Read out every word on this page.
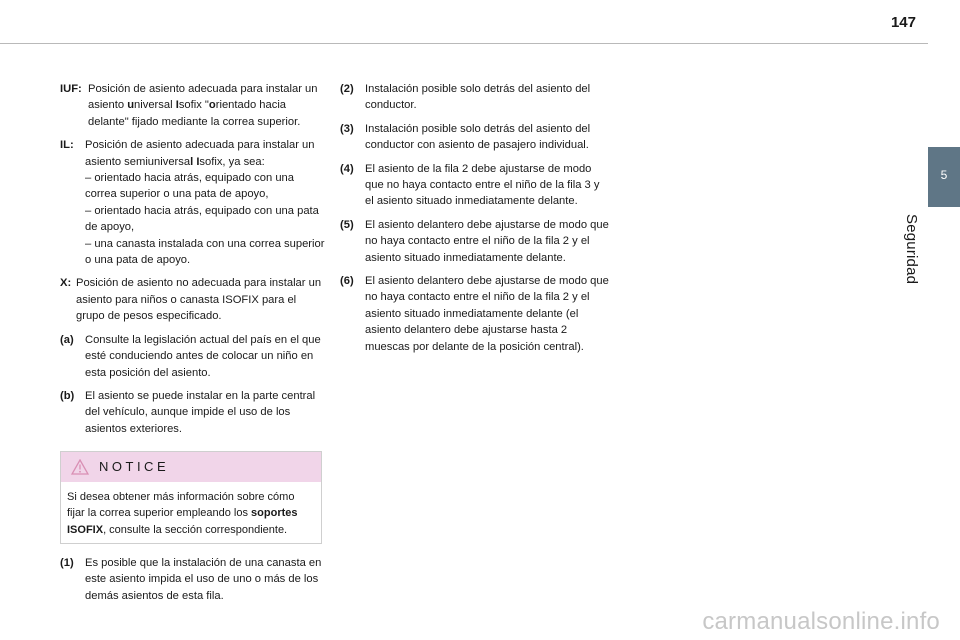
147
5
Seguridad
IUF: Posición de asiento adecuada para instalar un asiento universal Isofix "orientado hacia delante" fijado mediante la correa superior.
IL:	Posición de asiento adecuada para instalar un asiento semiuniversal Isofix, ya sea:
– orientado hacia atrás, equipado con una correa superior o una pata de apoyo,
– orientado hacia atrás, equipado con una pata de apoyo,
– una canasta instalada con una correa superior o una pata de apoyo.
X: Posición de asiento no adecuada para instalar un asiento para niños o canasta ISOFIX para el grupo de pesos especificado.
(a)	Consulte la legislación actual del país en el que esté conduciendo antes de colocar un niño en esta posición del asiento.
(b) El asiento se puede instalar en la parte central del vehículo, aunque impide el uso de los asientos exteriores.
NOTICE
Si desea obtener más información sobre cómo fijar la correa superior empleando los soportes ISOFIX, consulte la sección correspondiente.
(1)	Es posible que la instalación de una canasta en este asiento impida el uso de uno o más de los demás asientos de esta fila.
(2)	Instalación posible solo detrás del asiento del conductor.
(3)	Instalación posible solo detrás del asiento del conductor con asiento de pasajero individual.
(4)	El asiento de la fila 2 debe ajustarse de modo que no haya contacto entre el niño de la fila 3 y el asiento situado inmediatamente delante.
(5)	El asiento delantero debe ajustarse de modo que no haya contacto entre el niño de la fila 2 y el asiento situado inmediatamente delante.
(6)	El asiento delantero debe ajustarse de modo que no haya contacto entre el niño de la fila 2 y el asiento situado inmediatamente delante (el asiento delantero debe ajustarse hasta 2 muescas por delante de la posición central).
carmanualsonline.info
